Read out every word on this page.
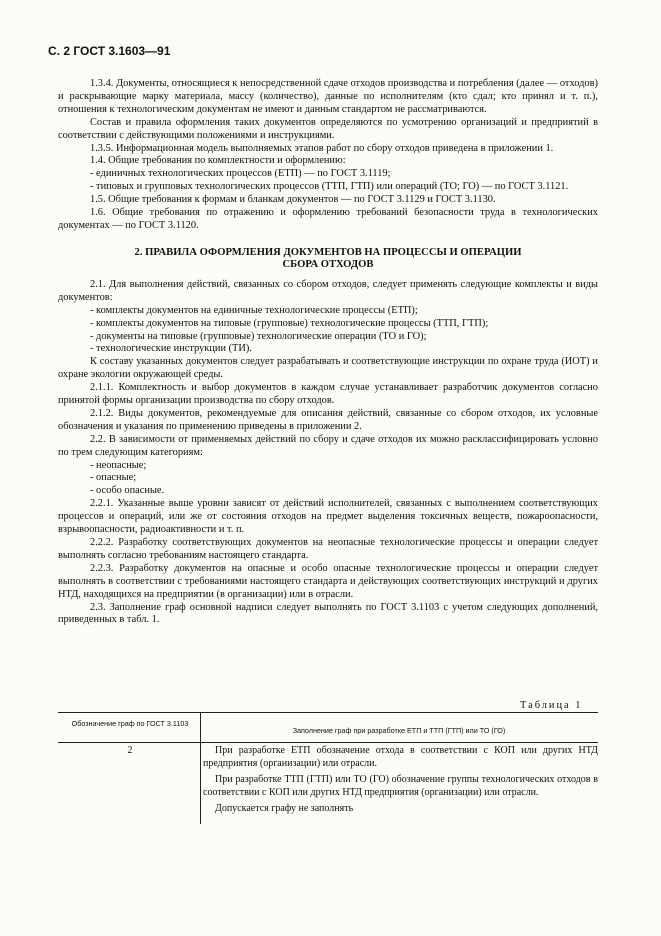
С. 2 ГОСТ 3.1603—91

1.3.4. Документы, относящиеся к непосредственной сдаче отходов производства и потребления (далее — отходов) и раскрывающие марку материала, массу (количество), данные по исполнителям (кто сдал; кто принял и т. п.), отношения к технологическим документам не имеют и данным стандартом не рассматриваются.

Состав и правила оформления таких документов определяются по усмотрению организаций и предприятий в соответствии с действующими положениями и инструкциями.

1.3.5. Информационная модель выполняемых этапов работ по сбору отходов приведена в приложении 1.

1.4. Общие требования по комплектности и оформлению:

- единичных технологических процессов (ЕТП) — по ГОСТ 3.1119;

- типовых и групповых технологических процессов (ТТП, ГТП) или операций (ТО; ГО) — по ГОСТ 3.1121.

1.5. Общие требования к формам и бланкам документов — по ГОСТ 3.1129 и ГОСТ 3.1130.

1.6. Общие требования по отражению и оформлению требований безопасности труда в технологических документах — по ГОСТ 3.1120.

2. ПРАВИЛА ОФОРМЛЕНИЯ ДОКУМЕНТОВ НА ПРОЦЕССЫ И ОПЕРАЦИИ
СБОРА ОТХОДОВ

2.1. Для выполнения действий, связанных со сбором отходов, следует применять следующие комплекты и виды документов:

- комплекты документов на единичные технологические процессы (ЕТП);

- комплекты документов на типовые (групповые) технологические процессы (ТТП, ГТП);

- документы на типовые (групповые) технологические операции (ТО и ГО);

- технологические инструкции (ТИ).

К составу указанных документов следует разрабатывать и соответствующие инструкции по охране труда (ИОТ) и охране экологии окружающей среды.

2.1.1. Комплектность и выбор документов в каждом случае устанавливает разработчик документов согласно принятой формы организации производства по сбору отходов.

2.1.2. Виды документов, рекомендуемые для описания действий, связанные со сбором отходов, их условные обозначения и указания по применению приведены в приложении 2.

2.2. В зависимости от применяемых действий по сбору и сдаче отходов их можно расклассифицировать условно по трем следующим категориям:

- неопасные;

- опасные;

- особо опасные.

2.2.1. Указанные выше уровни зависят от действий исполнителей, связанных с выполнением соответствующих процессов и операций, или же от состояния отходов на предмет выделения токсичных веществ, пожароопасности, взрывоопасности, радиоактивности и т. п.

2.2.2. Разработку соответствующих документов на неопасные технологические процессы и операции следует выполнять согласно требованиям настоящего стандарта.

2.2.3. Разработку документов на опасные и особо опасные технологические процессы и операции следует выполнять в соответствии с требованиями настоящего стандарта и действующих соответствующих инструкций и других НТД, находящихся на предприятии (в организации) или в отрасли.

2.3. Заполнение граф основной надписи следует выполнять по ГОСТ 3.1103 с учетом следующих дополнений, приведенных в табл. 1.

Таблица 1
Обозначение граф по ГОСТ 3.1103
Заполнение граф при разработке ЕТП и ТТП (ГТП) или ТО (ГО)
2	При разработке ЕТП обозначение отхода в соответствии с КОП или других НТД предприятия (организации) или отрасли.

При разработке ТТП (ГТП) или ТО (ГО) обозначение группы технологических отходов в соответствии с КОП или других НТД предприятия (организации) или отрасли.

Допускается графу не заполнять
